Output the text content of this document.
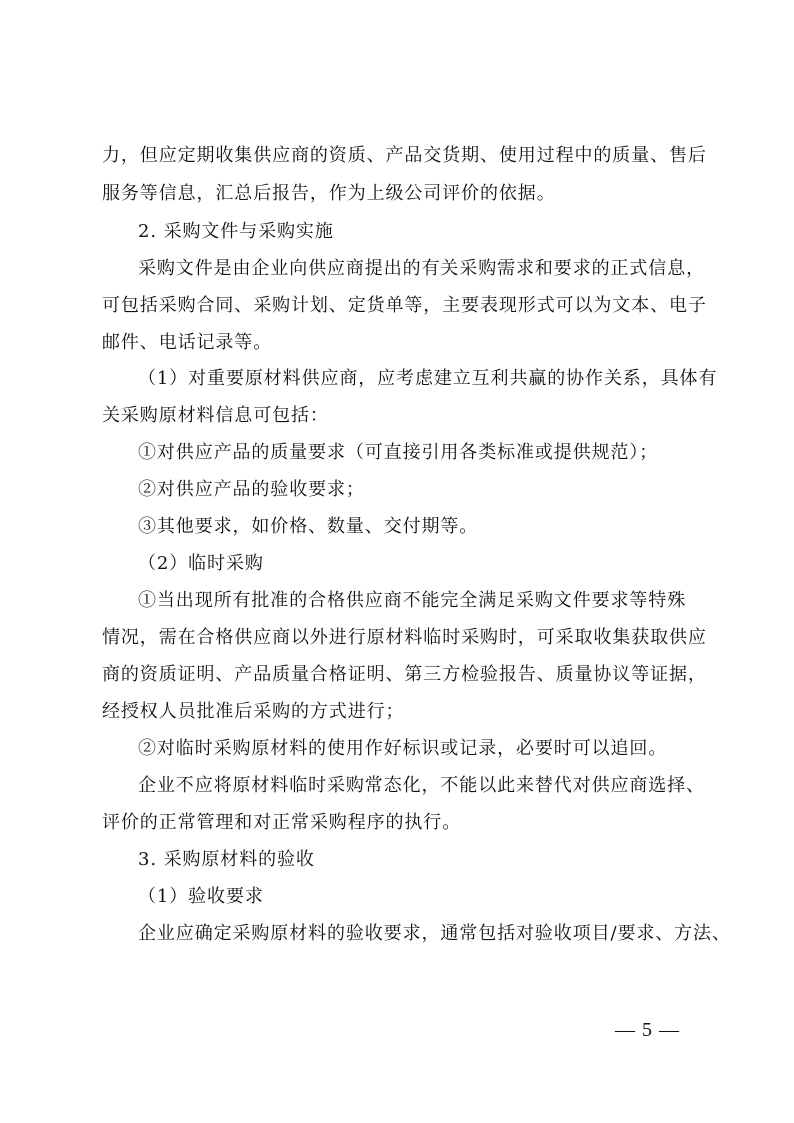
力，但应定期收集供应商的资质、产品交货期、使用过程中的质量、售后

服务等信息，汇总后报告，作为上级公司评价的依据。

2. 采购文件与采购实施

采购文件是由企业向供应商提出的有关采购需求和要求的正式信息，

可包括采购合同、采购计划、定货单等，主要表现形式可以为文本、电子

邮件、电话记录等。

（1）对重要原材料供应商，应考虑建立互利共赢的协作关系，具体有

关采购原材料信息可包括：

①对供应产品的质量要求（可直接引用各类标准或提供规范）；

②对供应产品的验收要求；

③其他要求，如价格、数量、交付期等。

（2）临时采购

①当出现所有批准的合格供应商不能完全满足采购文件要求等特殊

情况，需在合格供应商以外进行原材料临时采购时，可采取收集获取供应

商的资质证明、产品质量合格证明、第三方检验报告、质量协议等证据，

经授权人员批准后采购的方式进行；

②对临时采购原材料的使用作好标识或记录，必要时可以追回。

企业不应将原材料临时采购常态化，不能以此来替代对供应商选择、

评价的正常管理和对正常采购程序的执行。

3. 采购原材料的验收

（1）验收要求

企业应确定采购原材料的验收要求，通常包括对验收项目/要求、方法、

— 5 —
